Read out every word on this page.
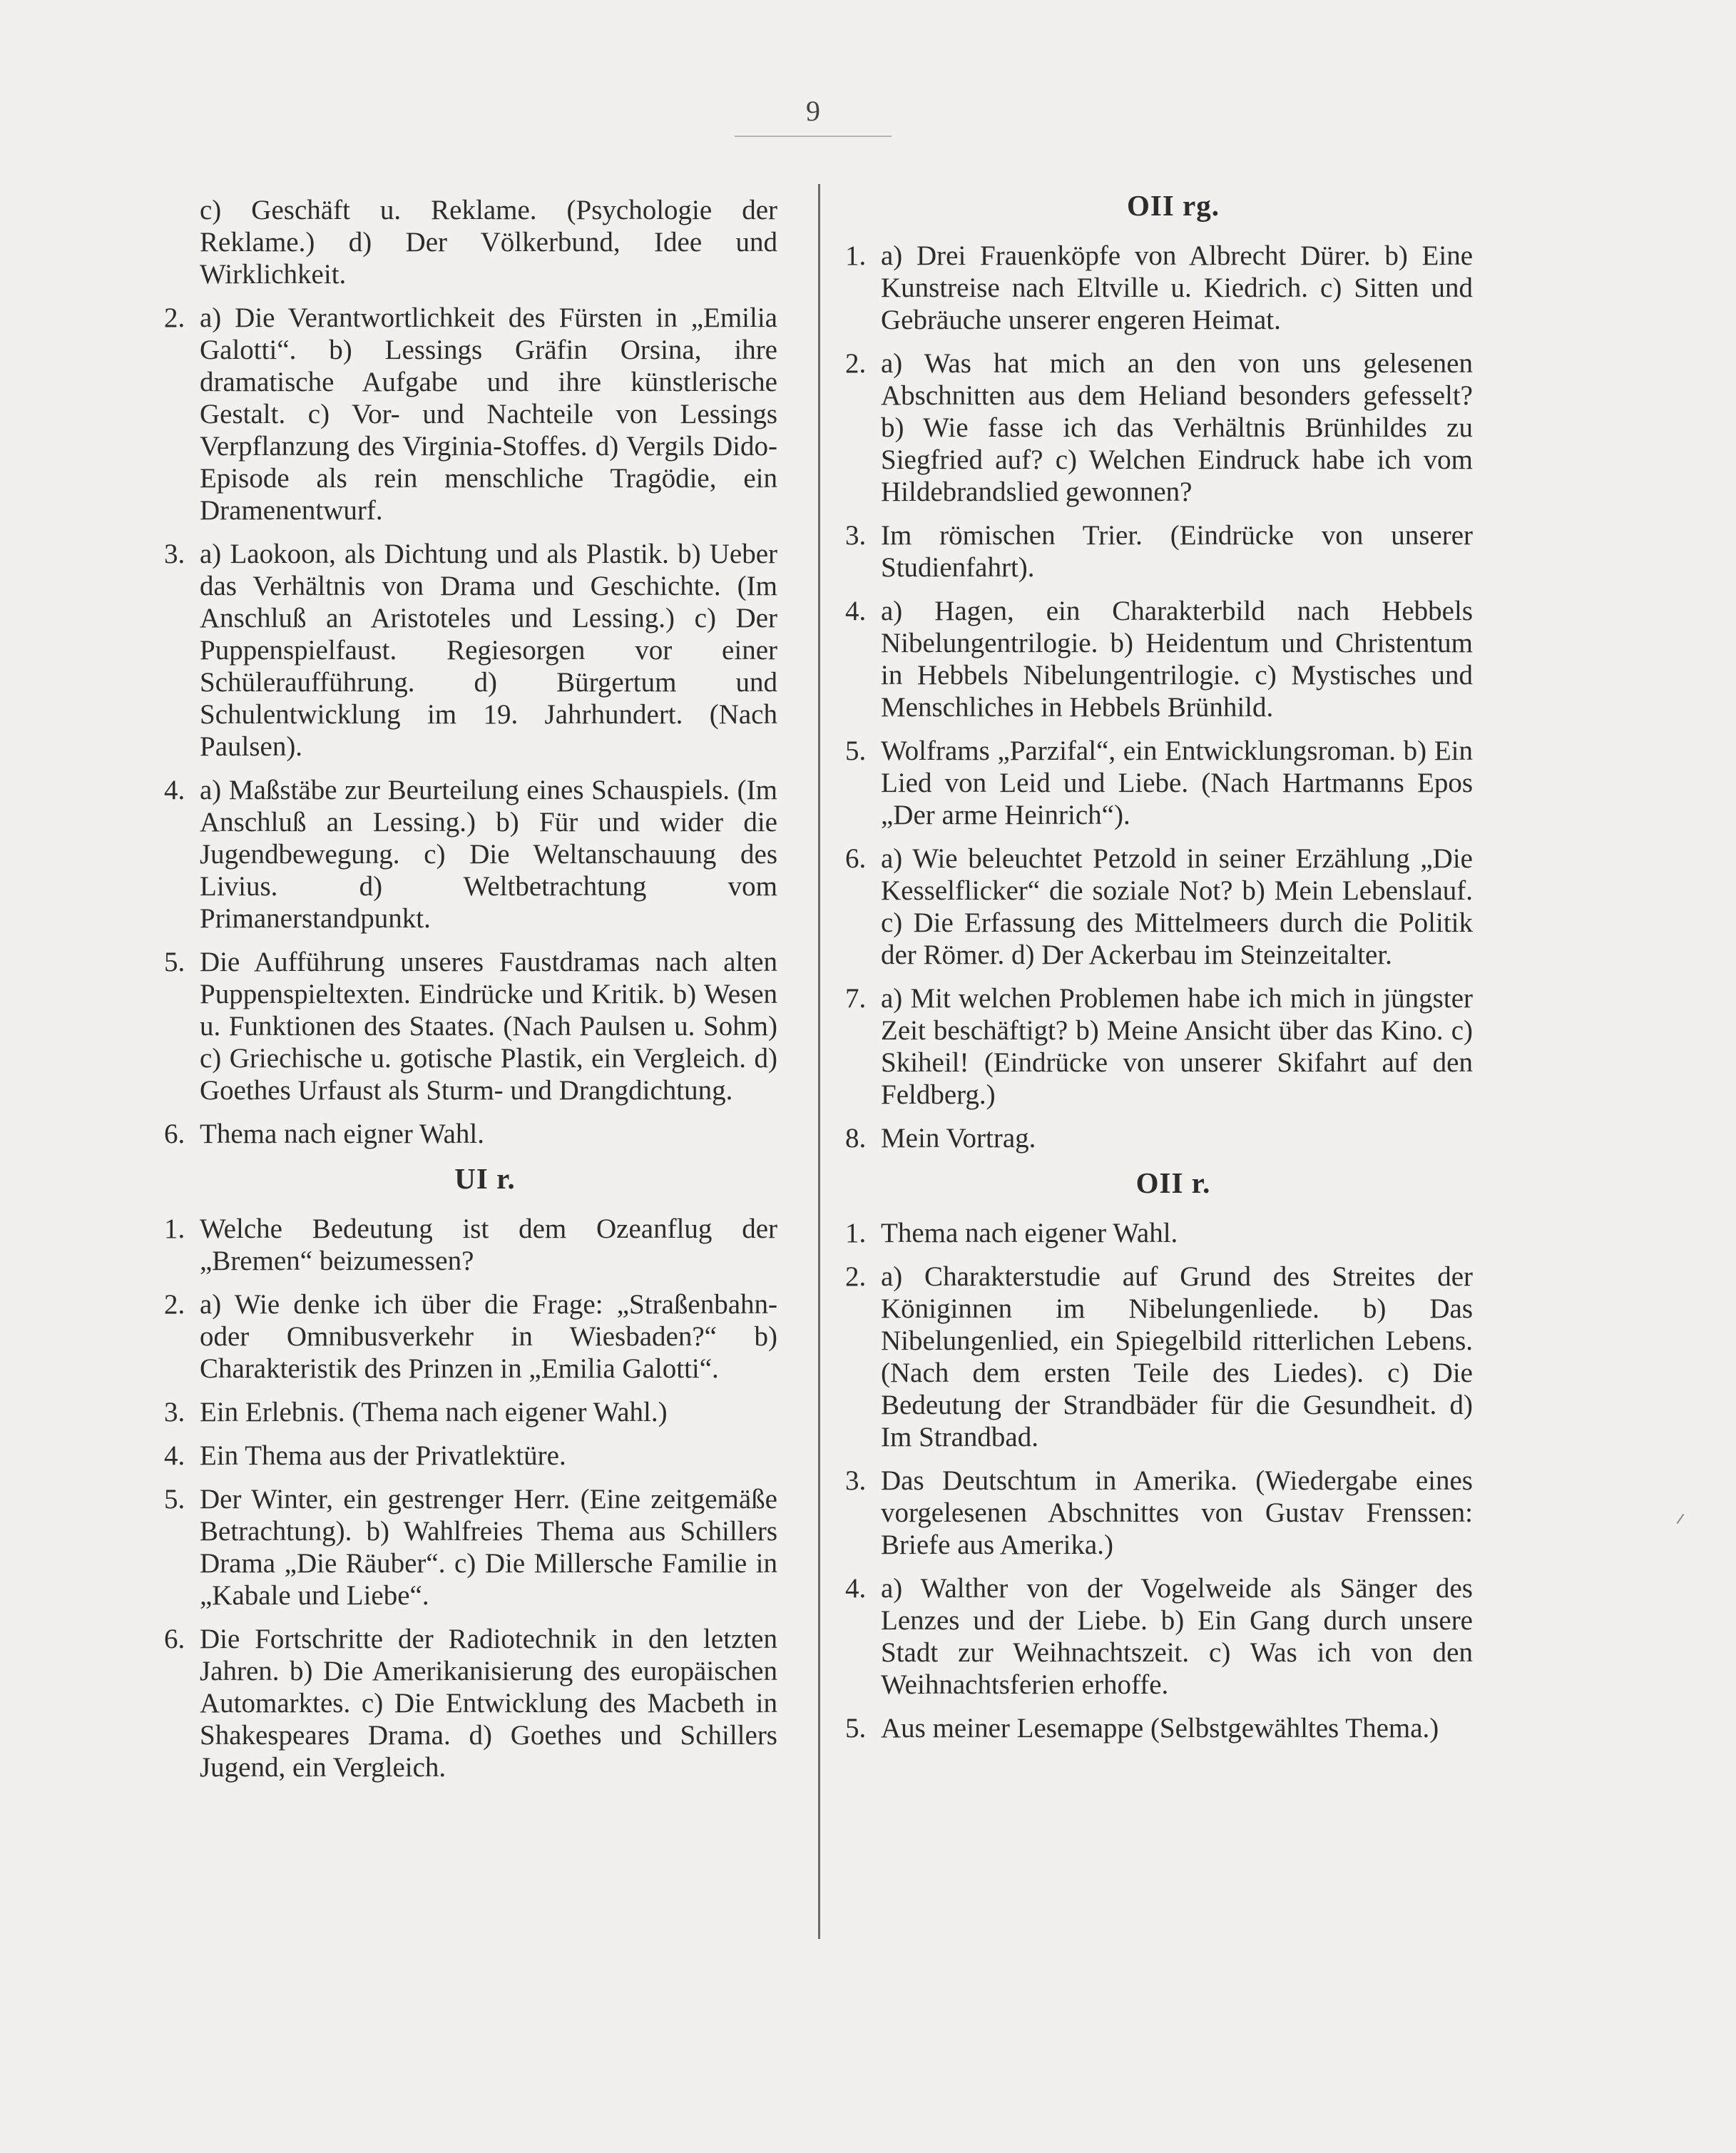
9

c) Geschäft u. Reklame. (Psychologie der Reklame.) d) Der Völkerbund, Idee und Wirklichkeit.

2. a) Die Verantwortlichkeit des Fürsten in „Emilia Galotti“. b) Lessings Gräfin Orsina, ihre dramatische Aufgabe und ihre künstlerische Gestalt. c) Vor- und Nachteile von Lessings Verpflanzung des Virginia-Stoffes. d) Vergils Dido-Episode als rein menschliche Tragödie, ein Dramenentwurf.

3. a) Laokoon, als Dichtung und als Plastik. b) Ueber das Verhältnis von Drama und Geschichte. (Im Anschluß an Aristoteles und Lessing.) c) Der Puppenspielfaust. Regiesorgen vor einer Schüleraufführung. d) Bürgertum und Schulentwicklung im 19. Jahrhundert. (Nach Paulsen).

4. a) Maßstäbe zur Beurteilung eines Schauspiels. (Im Anschluß an Lessing.) b) Für und wider die Jugendbewegung. c) Die Weltanschauung des Livius. d) Weltbetrachtung vom Primanerstandpunkt.

5. Die Aufführung unseres Faustdramas nach alten Puppenspieltexten. Eindrücke und Kritik. b) Wesen u. Funktionen des Staates. (Nach Paulsen u. Sohm) c) Griechische u. gotische Plastik, ein Vergleich. d) Goethes Urfaust als Sturm- und Drangdichtung.

6. Thema nach eigner Wahl.

UI r.

1. Welche Bedeutung ist dem Ozeanflug der „Bremen“ beizumessen?

2. a) Wie denke ich über die Frage: „Straßenbahn- oder Omnibusverkehr in Wiesbaden?“ b) Charakteristik des Prinzen in „Emilia Galotti“.

3. Ein Erlebnis. (Thema nach eigener Wahl.)

4. Ein Thema aus der Privatlektüre.

5. Der Winter, ein gestrenger Herr. (Eine zeitgemäße Betrachtung). b) Wahlfreies Thema aus Schillers Drama „Die Räuber“. c) Die Millersche Familie in „Kabale und Liebe“.

6. Die Fortschritte der Radiotechnik in den letzten Jahren. b) Die Amerikanisierung des europäischen Automarktes. c) Die Entwicklung des Macbeth in Shakespeares Drama. d) Goethes und Schillers Jugend, ein Vergleich.

OII rg.

1. a) Drei Frauenköpfe von Albrecht Dürer. b) Eine Kunstreise nach Eltville u. Kiedrich. c) Sitten und Gebräuche unserer engeren Heimat.

2. a) Was hat mich an den von uns gelesenen Abschnitten aus dem Heliand besonders gefesselt? b) Wie fasse ich das Verhältnis Brünhildes zu Siegfried auf? c) Welchen Eindruck habe ich vom Hildebrandslied gewonnen?

3. Im römischen Trier. (Eindrücke von unserer Studienfahrt).

4. a) Hagen, ein Charakterbild nach Hebbels Nibelungentrilogie. b) Heidentum und Christentum in Hebbels Nibelungentrilogie. c) Mystisches und Menschliches in Hebbels Brünhild.

5. Wolframs „Parzifal“, ein Entwicklungsroman. b) Ein Lied von Leid und Liebe. (Nach Hartmanns Epos „Der arme Heinrich“).

6. a) Wie beleuchtet Petzold in seiner Erzählung „Die Kesselflicker“ die soziale Not? b) Mein Lebenslauf. c) Die Erfassung des Mittelmeers durch die Politik der Römer. d) Der Ackerbau im Steinzeitalter.

7. a) Mit welchen Problemen habe ich mich in jüngster Zeit beschäftigt? b) Meine Ansicht über das Kino. c) Skiheil! (Eindrücke von unserer Skifahrt auf den Feldberg.)

8. Mein Vortrag.

OII r.

1. Thema nach eigener Wahl.

2. a) Charakterstudie auf Grund des Streites der Königinnen im Nibelungenliede. b) Das Nibelungenlied, ein Spiegelbild ritterlichen Lebens. (Nach dem ersten Teile des Liedes). c) Die Bedeutung der Strandbäder für die Gesundheit. d) Im Strandbad.

3. Das Deutschtum in Amerika. (Wiedergabe eines vorgelesenen Abschnittes von Gustav Frenssen: Briefe aus Amerika.)

4. a) Walther von der Vogelweide als Sänger des Lenzes und der Liebe. b) Ein Gang durch unsere Stadt zur Weihnachtszeit. c) Was ich von den Weihnachtsferien erhoffe.

5. Aus meiner Lesemappe (Selbstgewähltes Thema.)
